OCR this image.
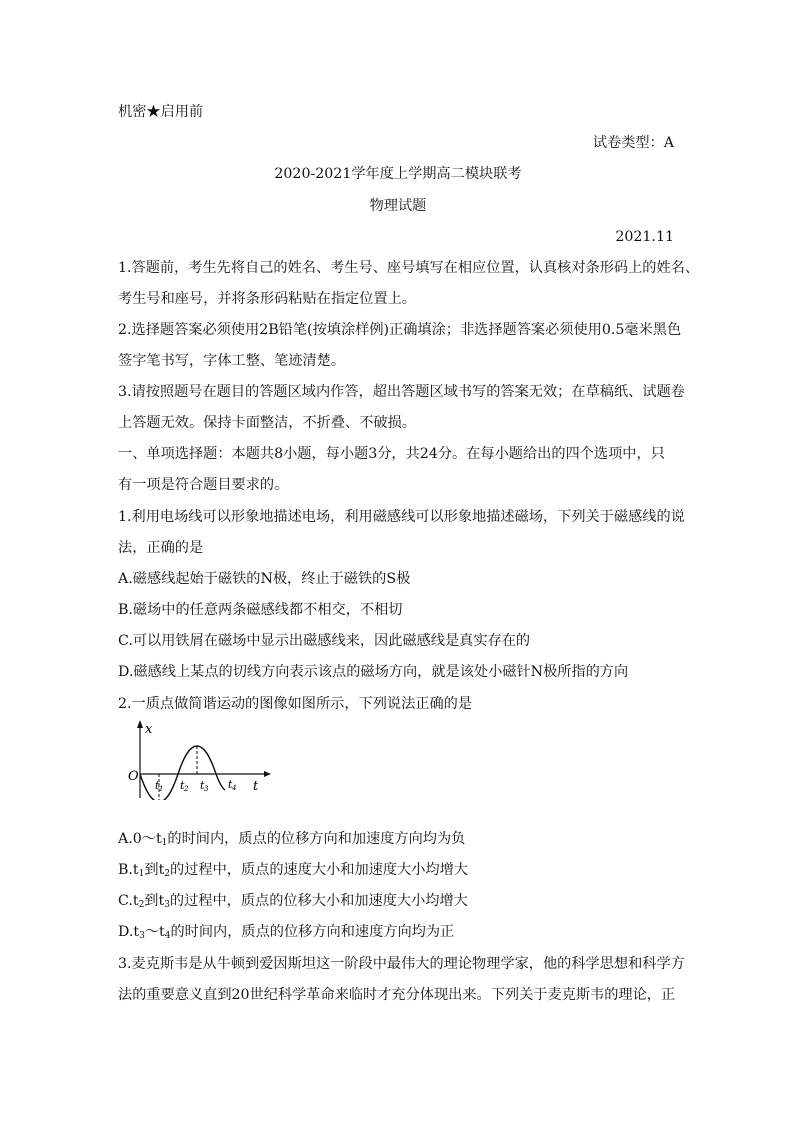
机密★启用前
试卷类型：A
2020-2021学年度上学期高二模块联考
物理试题
2021.11
1.答题前，考生先将自己的姓名、考生号、座号填写在相应位置，认真核对条形码上的姓名、
考生号和座号，并将条形码粘贴在指定位置上。
2.选择题答案必须使用2B铅笔(按填涂样例)正确填涂；非选择题答案必须使用0.5毫米黑色
签字笔书写，字体工整、笔迹清楚。
3.请按照题号在题目的答题区域内作答，超出答题区域书写的答案无效；在草稿纸、试题卷
上答题无效。保持卡面整洁，不折叠、不破损。
一、单项选择题：本题共8小题，每小题3分，共24分。在每小题给出的四个选项中，只
有一项是符合题目要求的。
1.利用电场线可以形象地描述电场，利用磁感线可以形象地描述磁场，下列关于磁感线的说
法，正确的是
A.磁感线起始于磁铁的N极，终止于磁铁的S极
B.磁场中的任意两条磁感线都不相交，不相切
C.可以用铁屑在磁场中显示出磁感线来，因此磁感线是真实存在的
D.磁感线上某点的切线方向表示该点的磁场方向，就是该处小磁针N极所指的方向
2.一质点做简谐运动的图像如图所示，下列说法正确的是
x
t
O
t 1 t 2 t 3 t 4
$A.0\sim t_1$的时间内，质点的位移方向和加速度方向均为负
$B.t_1$到$t_2$的过程中，质点的速度大小和加速度大小均增大
$C.t_2$到$t_3$的过程中，质点的位移大小和加速度大小均增大
$D.t_3\sim t_4$的时间内，质点的位移方向和速度方向均为正
3.麦克斯韦是从牛顿到爱因斯坦这一阶段中最伟大的理论物理学家，他的科学思想和科学方
法的重要意义直到20世纪科学革命来临时才充分体现出来。下列关于麦克斯韦的理论，正
